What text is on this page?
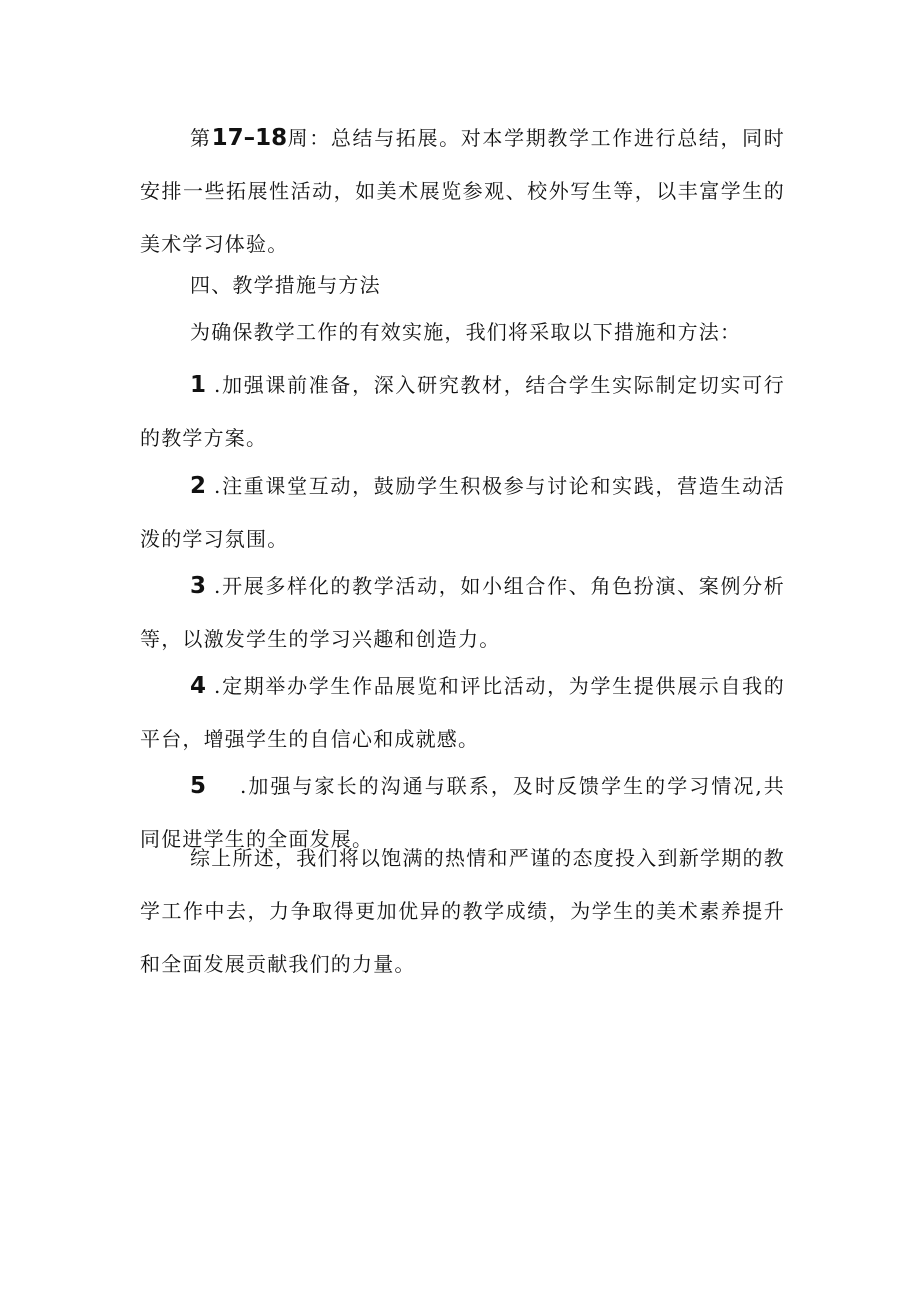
第17–18周：总结与拓展。对本学期教学工作进行总结，同时安排一些拓展性活动，如美术展览参观、校外写生等，以丰富学生的美术学习体验。

四、教学措施与方法

为确保教学工作的有效实施，我们将采取以下措施和方法：

1 .加强课前准备，深入研究教材，结合学生实际制定切实可行的教学方案。

2 .注重课堂互动，鼓励学生积极参与讨论和实践，营造生动活泼的学习氛围。

3 .开展多样化的教学活动，如小组合作、角色扮演、案例分析等，以激发学生的学习兴趣和创造力。

4 .定期举办学生作品展览和评比活动，为学生提供展示自我的平台，增强学生的自信心和成就感。

5 .加强与家长的沟通与联系，及时反馈学生的学习情况,共同促进学生的全面发展。

综上所述，我们将以饱满的热情和严谨的态度投入到新学期的教学工作中去，力争取得更加优异的教学成绩，为学生的美术素养提升和全面发展贡献我们的力量。
